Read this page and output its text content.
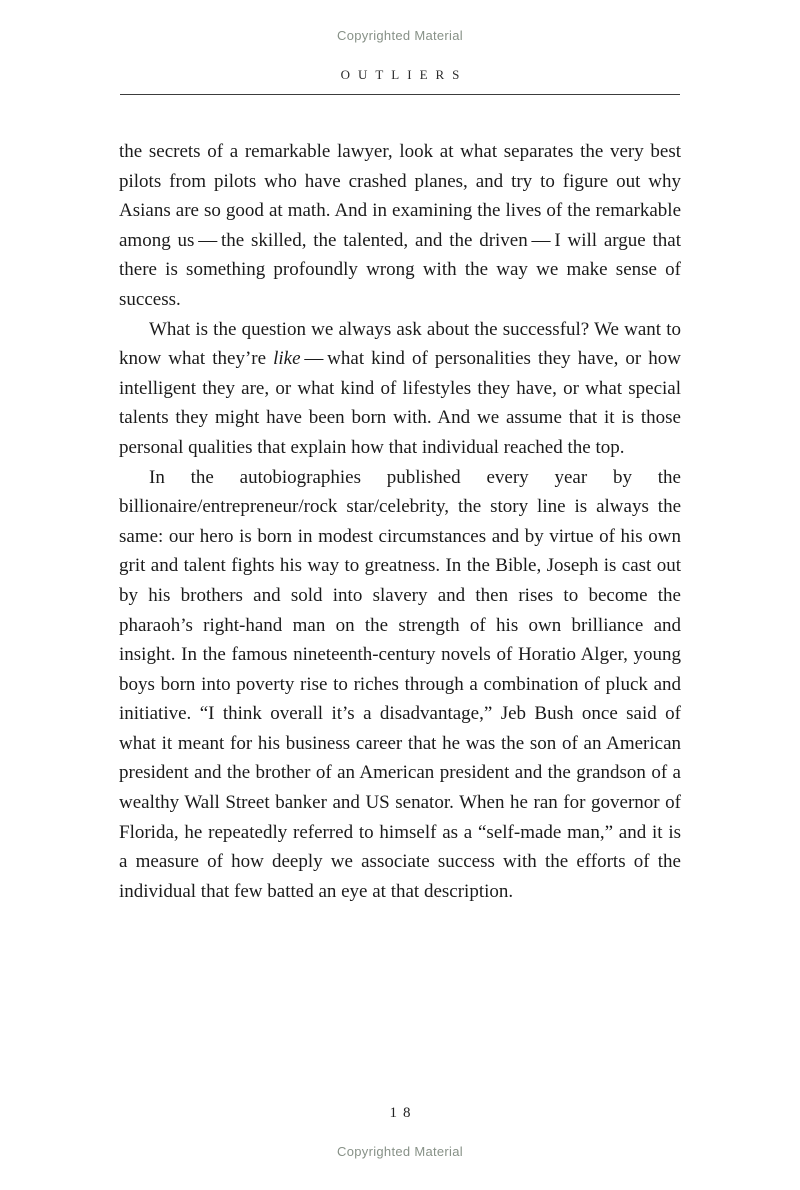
Copyrighted Material
OUTLIERS

the secrets of a remarkable lawyer, look at what separates the very best pilots from pilots who have crashed planes, and try to figure out why Asians are so good at math. And in examining the lives of the remarkable among us — the skilled, the talented, and the driven — I will argue that there is something profoundly wrong with the way we make sense of success.

What is the question we always ask about the successful? We want to know what they’re like — what kind of personalities they have, or how intelligent they are, or what kind of lifestyles they have, or what special talents they might have been born with. And we assume that it is those personal qualities that explain how that individual reached the top.

In the autobiographies published every year by the billionaire/entrepreneur/rock star/celebrity, the story line is always the same: our hero is born in modest circumstances and by virtue of his own grit and talent fights his way to greatness. In the Bible, Joseph is cast out by his brothers and sold into slavery and then rises to become the pharaoh’s right-hand man on the strength of his own brilliance and insight. In the famous nineteenth-century novels of Horatio Alger, young boys born into poverty rise to riches through a combination of pluck and initiative. “I think overall it’s a disadvantage,” Jeb Bush once said of what it meant for his business career that he was the son of an American president and the brother of an American president and the grandson of a wealthy Wall Street banker and US senator. When he ran for governor of Florida, he repeatedly referred to himself as a “self-made man,” and it is a measure of how deeply we associate success with the efforts of the individual that few batted an eye at that description.

18
Copyrighted Material
